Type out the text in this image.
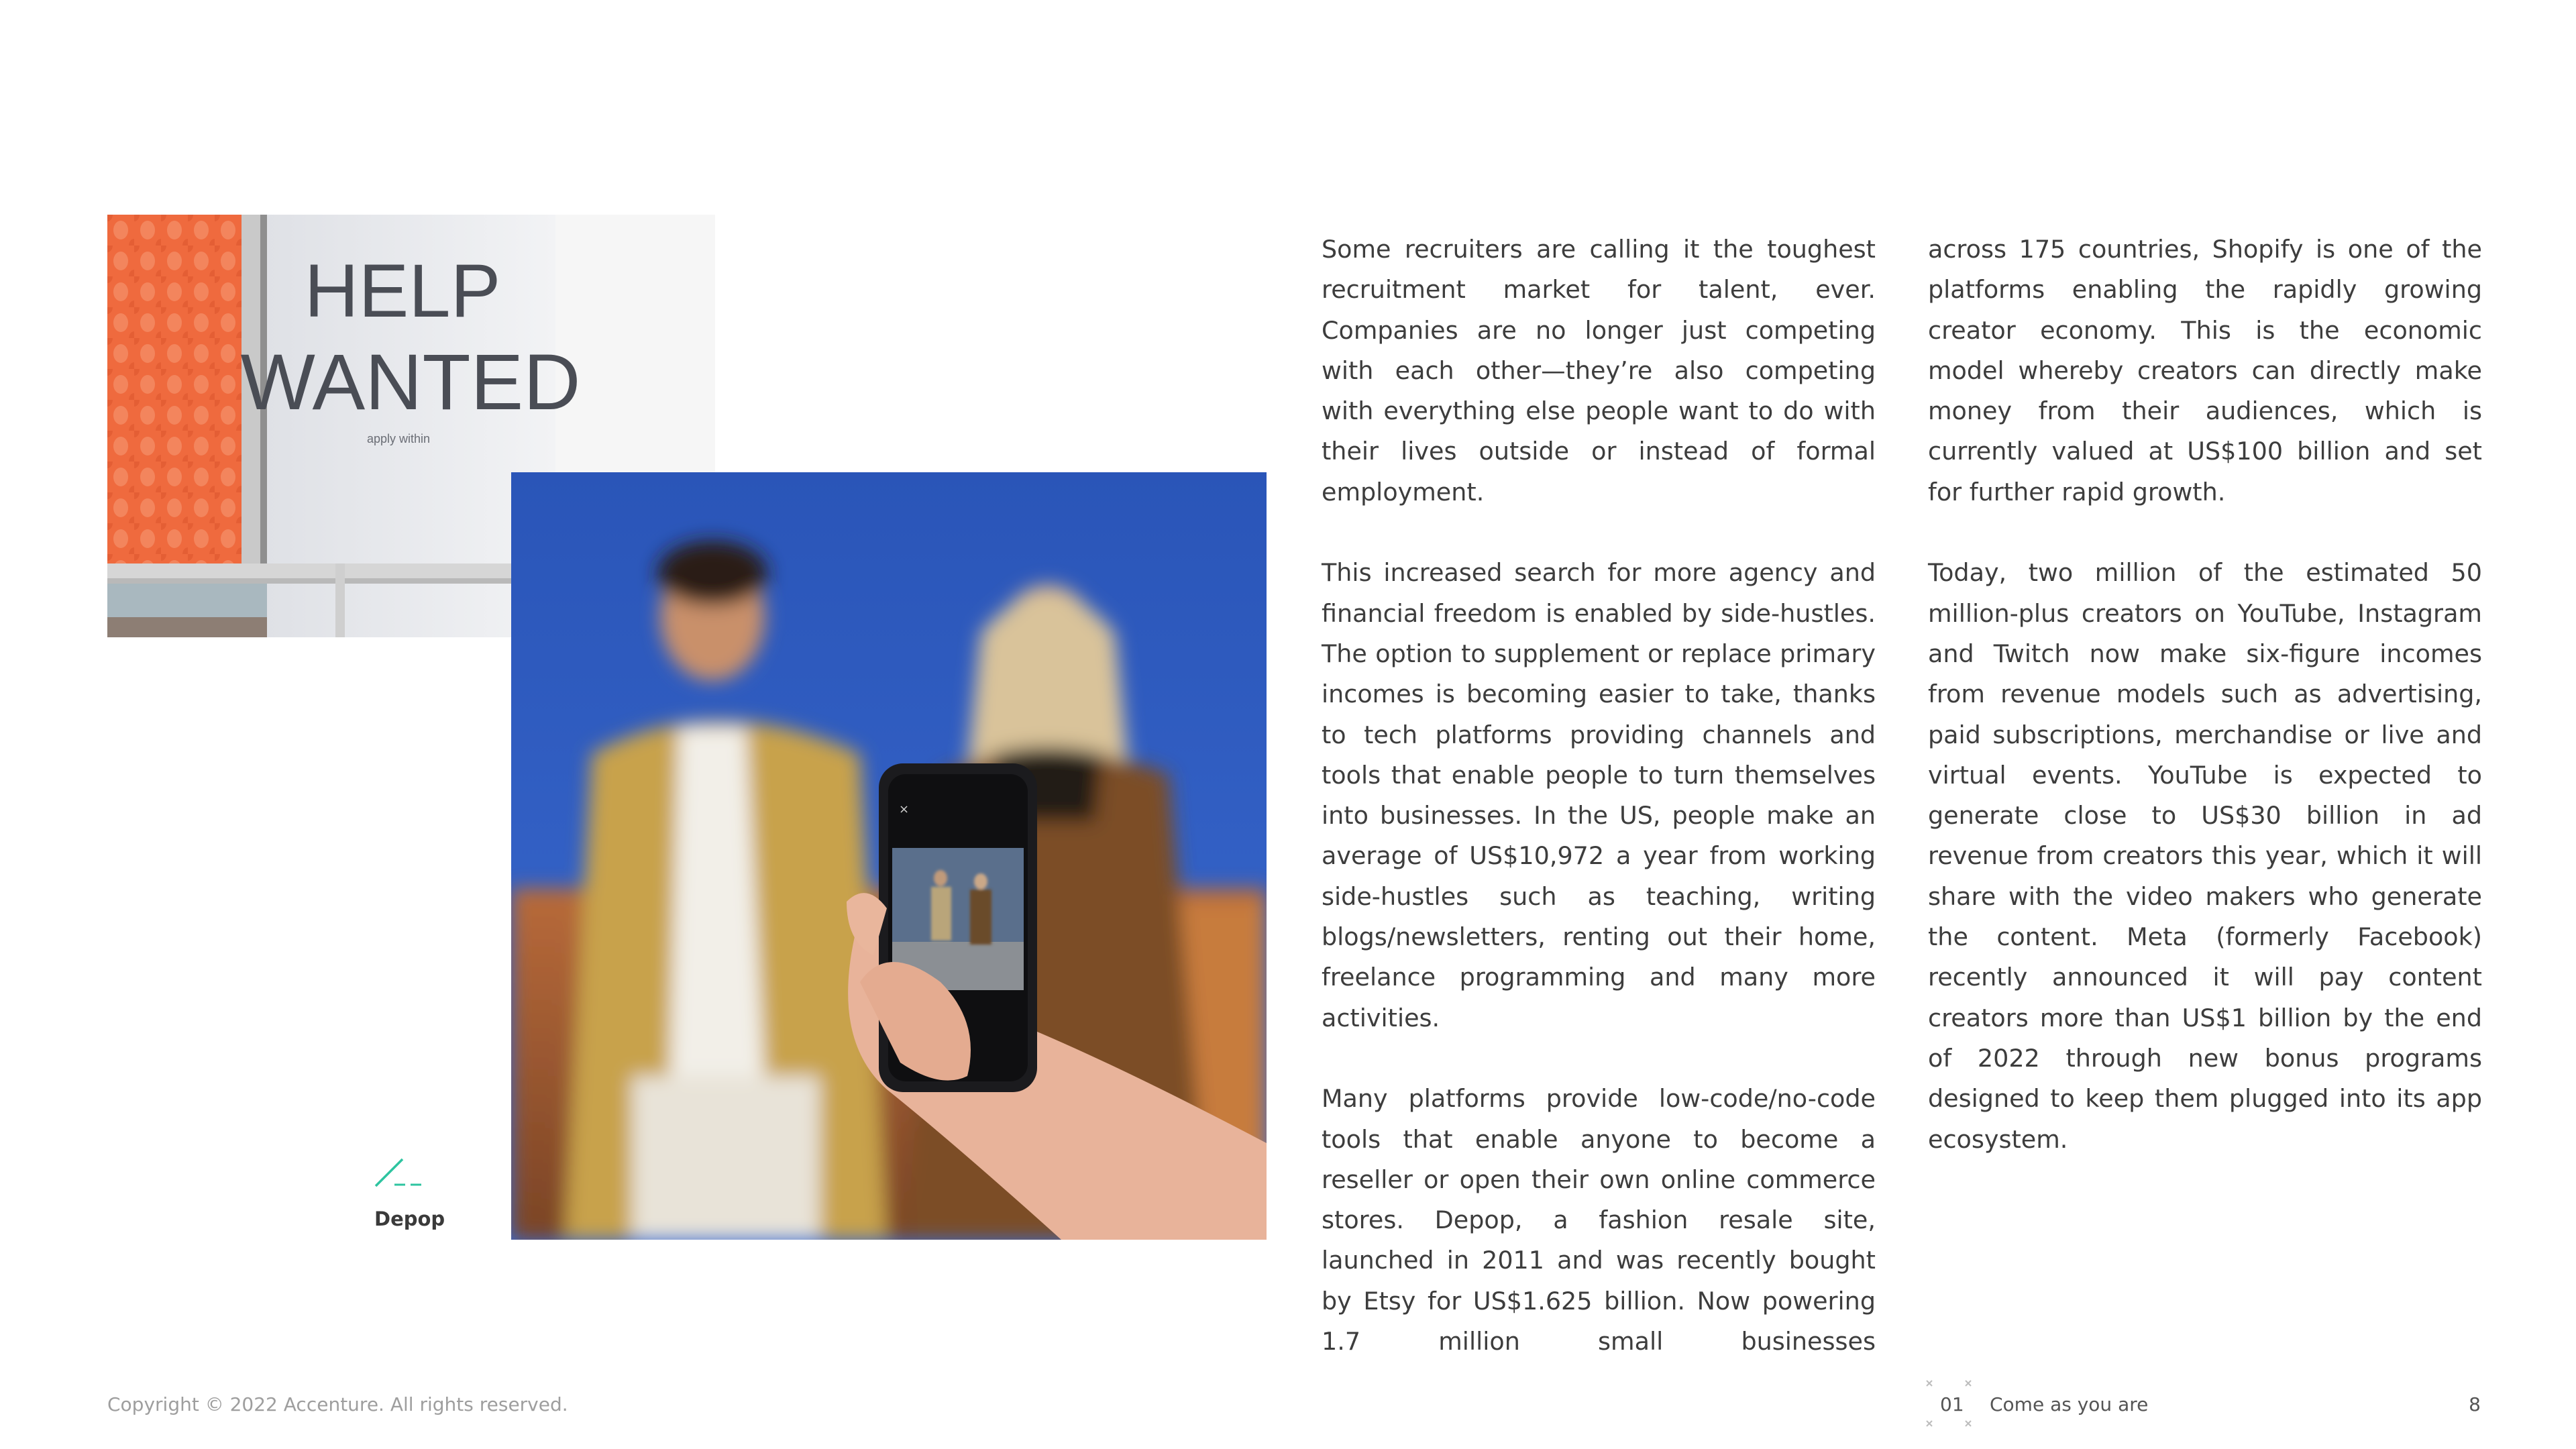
HELP
WANTED
apply within
×
Depop

Some recruiters are calling it the toughest recruitment market for talent, ever. Companies are no longer just competing with each other—they’re also competing with everything else people want to do with their lives outside or instead of formal employment.

This increased search for more agency and financial freedom is enabled by side-hustles. The option to supplement or replace primary incomes is becoming easier to take, thanks to tech platforms providing channels and tools that enable people to turn themselves into businesses. In the US, people make an average of US$10,972 a year from working side-hustles such as teaching, writing blogs/newsletters, renting out their home, freelance programming and many more activities.

Many platforms provide low-code/no-code tools that enable anyone to become a reseller or open their own online commerce stores. Depop, a fashion resale site, launched in 2011 and was recently bought by Etsy for US$1.625 billion. Now powering 1.7 million small businesses

across 175 countries, Shopify is one of the platforms enabling the rapidly growing creator economy. This is the economic model whereby creators can directly make money from their audiences, which is currently valued at US$100 billion and set for further rapid growth.

Today, two million of the estimated 50 million-plus creators on YouTube, Instagram and Twitch now make six-figure incomes from revenue models such as advertising, paid subscriptions, merchandise or live and virtual events. YouTube is expected to generate close to US$30 billion in ad revenue from creators this year, which it will share with the video makers who generate the content. Meta (formerly Facebook) recently announced it will pay content creators more than US$1 billion by the end of 2022 through new bonus programs designed to keep them plugged into its app ecosystem.

Copyright © 2022 Accenture. All rights reserved.	01 Come as you are	8
